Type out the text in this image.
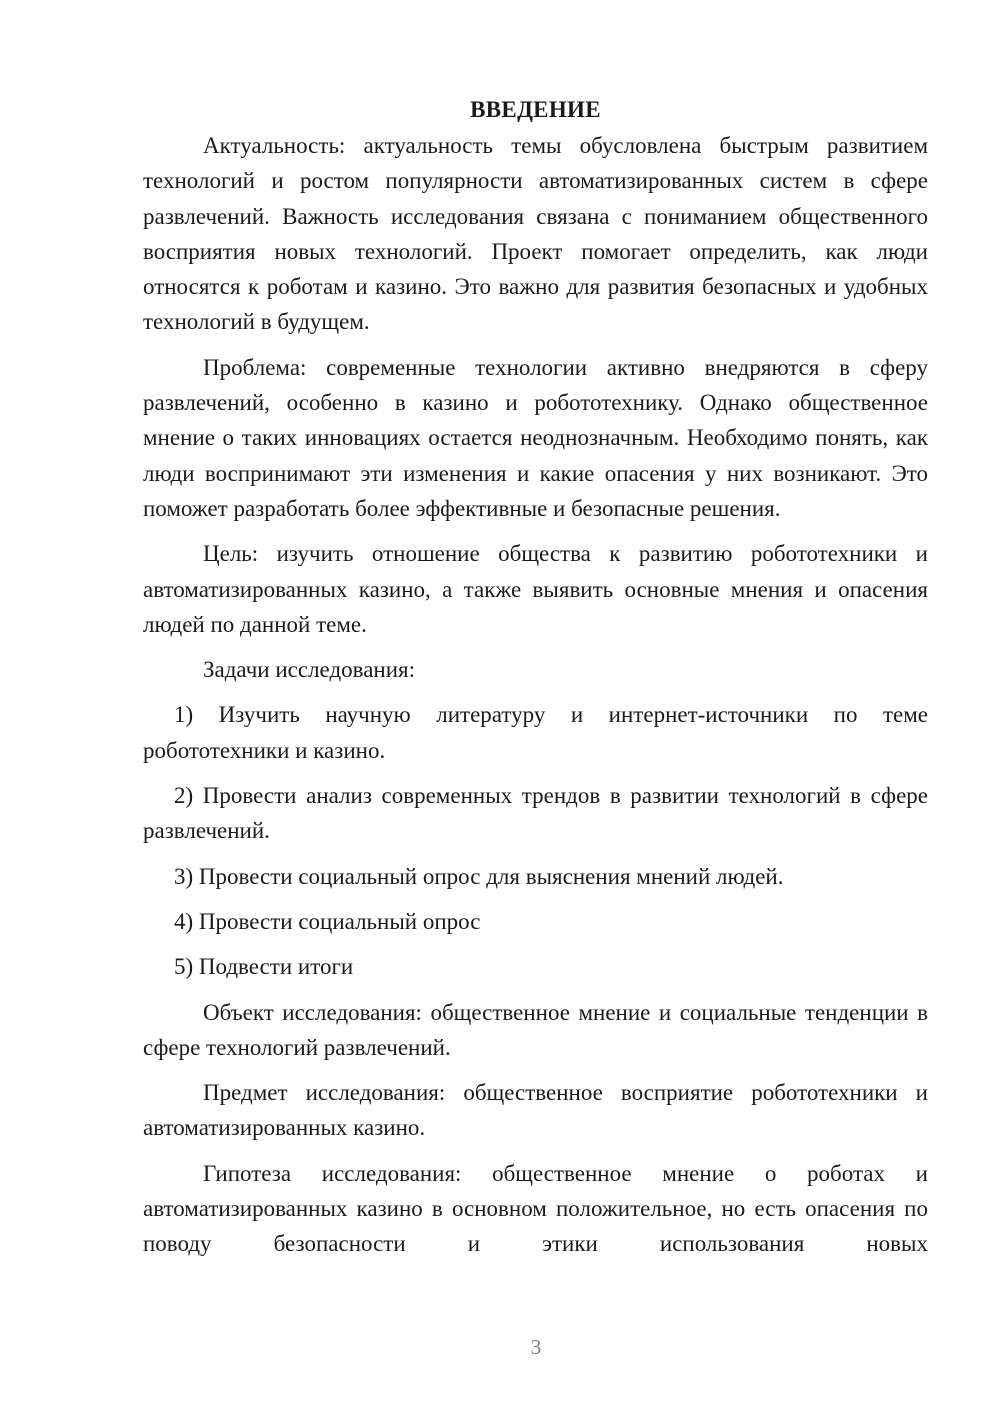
ВВЕДЕНИЕ

Актуальность: актуальность темы обусловлена быстрым развитием технологий и ростом популярности автоматизированных систем в сфере развлечений. Важность исследования связана с пониманием общественного восприятия новых технологий. Проект помогает определить, как люди относятся к роботам и казино. Это важно для развития безопасных и удобных технологий в будущем.

Проблема: современные технологии активно внедряются в сферу развлечений, особенно в казино и робототехнику. Однако общественное мнение о таких инновациях остается неоднозначным. Необходимо понять, как люди воспринимают эти изменения и какие опасения у них возникают. Это поможет разработать более эффективные и безопасные решения.

Цель: изучить отношение общества к развитию робототехники и автоматизированных казино, а также выявить основные мнения и опасения людей по данной теме.

Задачи исследования:

1) Изучить научную литературу и интернет-источники по теме робототехники и казино.

2) Провести анализ современных трендов в развитии технологий в сфере развлечений.

3) Провести социальный опрос для выяснения мнений людей.

4) Провести социальный опрос

5) Подвести итоги

Объект исследования: общественное мнение и социальные тенденции в сфере технологий развлечений.

Предмет исследования: общественное восприятие робототехники и автоматизированных казино.

Гипотеза исследования: общественное мнение о роботах и автоматизированных казино в основном положительное, но есть опасения по поводу безопасности и этики использования новых

3
